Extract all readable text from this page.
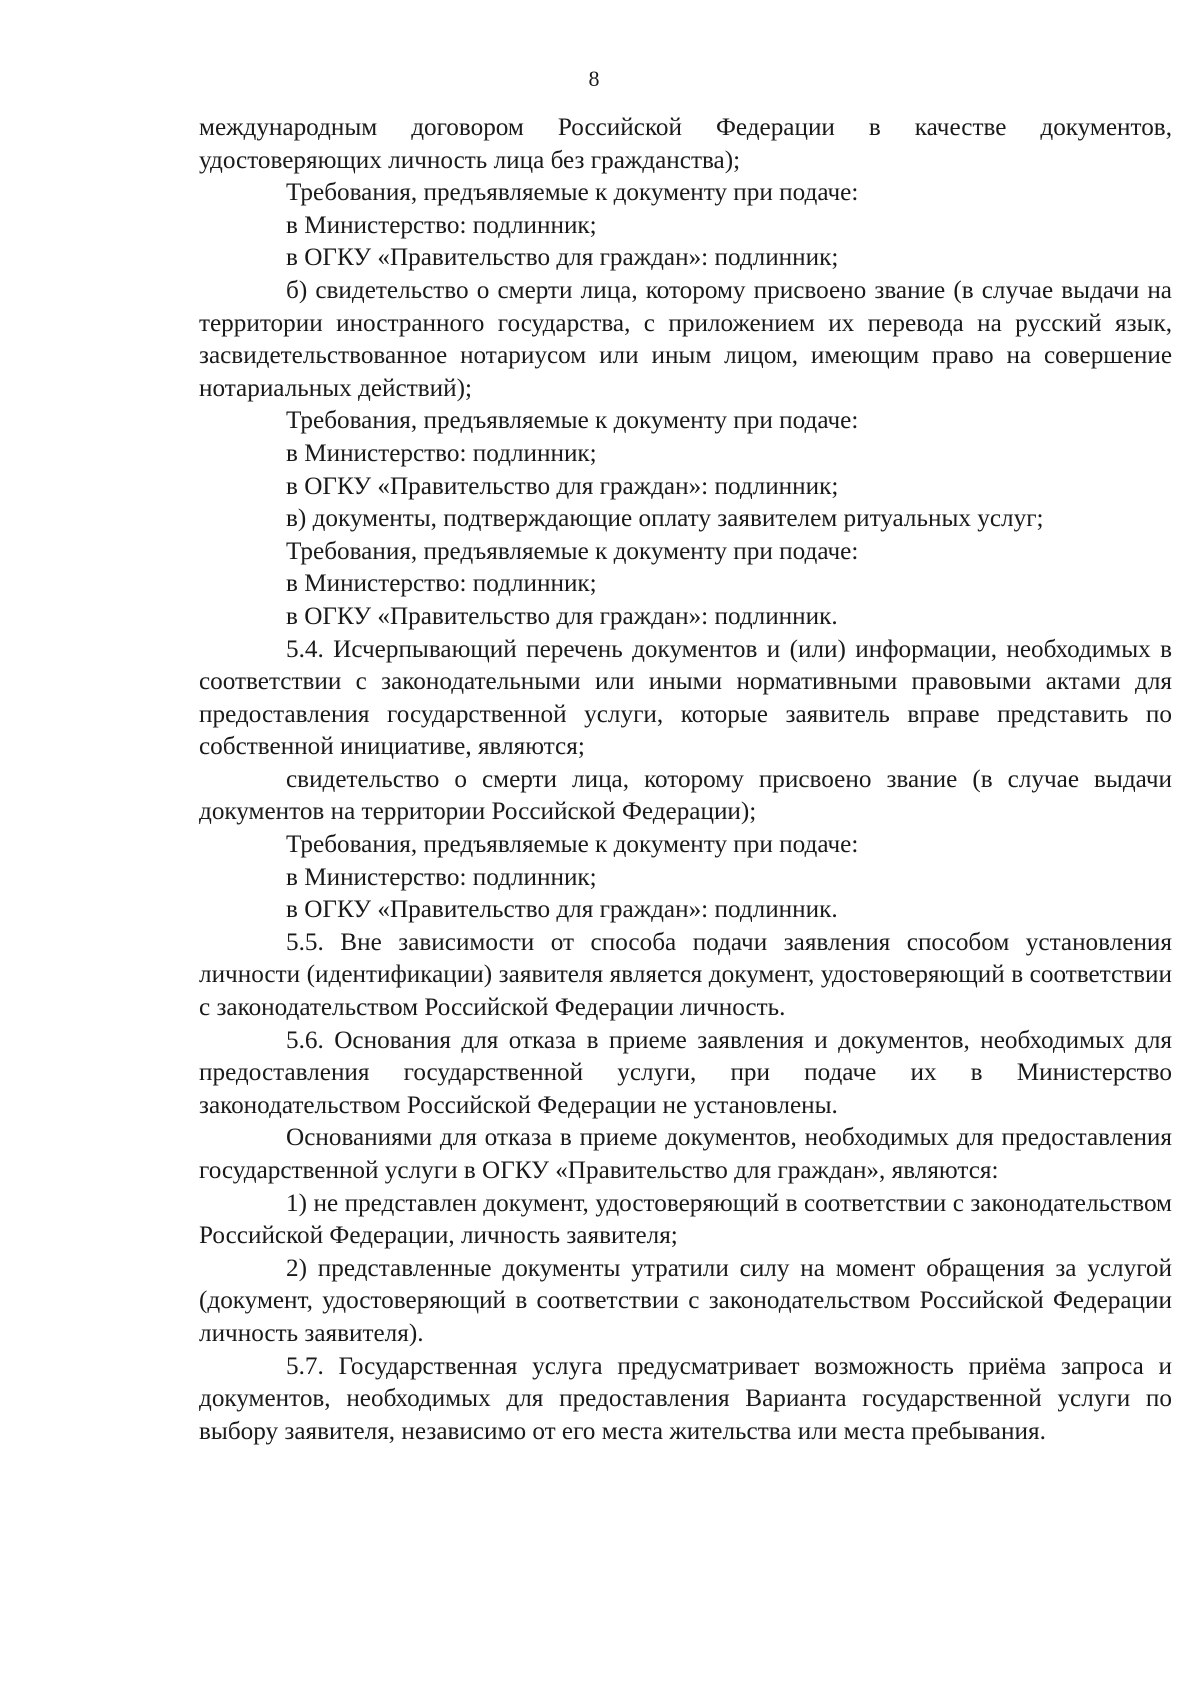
8

международным договором Российской Федерации в качестве документов, удостоверяющих личность лица без гражданства);

Требования, предъявляемые к документу при подаче:

в Министерство: подлинник;

в ОГКУ «Правительство для граждан»: подлинник;

б) свидетельство о смерти лица, которому присвоено звание (в случае выдачи на территории иностранного государства, с приложением их перевода на русский язык, засвидетельствованное нотариусом или иным лицом, имеющим право на совершение нотариальных действий);

Требования, предъявляемые к документу при подаче:

в Министерство: подлинник;

в ОГКУ «Правительство для граждан»: подлинник;

в) документы, подтверждающие оплату заявителем ритуальных услуг;

Требования, предъявляемые к документу при подаче:

в Министерство: подлинник;

в ОГКУ «Правительство для граждан»: подлинник.

5.4. Исчерпывающий перечень документов и (или) информации, необходимых в соответствии с законодательными или иными нормативными правовыми актами для предоставления государственной услуги, которые заявитель вправе представить по собственной инициативе, являются;

свидетельство о смерти лица, которому присвоено звание (в случае выдачи документов на территории Российской Федерации);

Требования, предъявляемые к документу при подаче:

в Министерство: подлинник;

в ОГКУ «Правительство для граждан»: подлинник.

5.5. Вне зависимости от способа подачи заявления способом установления личности (идентификации) заявителя является документ, удостоверяющий в соответствии с законодательством Российской Федерации личность.

5.6. Основания для отказа в приеме заявления и документов, необходимых для предоставления государственной услуги, при подаче их в Министерство законодательством Российской Федерации не установлены.

Основаниями для отказа в приеме документов, необходимых для предоставления государственной услуги в ОГКУ «Правительство для граждан», являются:

1) не представлен документ, удостоверяющий в соответствии с законодательством Российской Федерации, личность заявителя;

2) представленные документы утратили силу на момент обращения за услугой (документ, удостоверяющий в соответствии с законодательством Российской Федерации личность заявителя).

5.7. Государственная услуга предусматривает возможность приёма запроса и документов, необходимых для предоставления Варианта государственной услуги по выбору заявителя, независимо от его места жительства или места пребывания.
